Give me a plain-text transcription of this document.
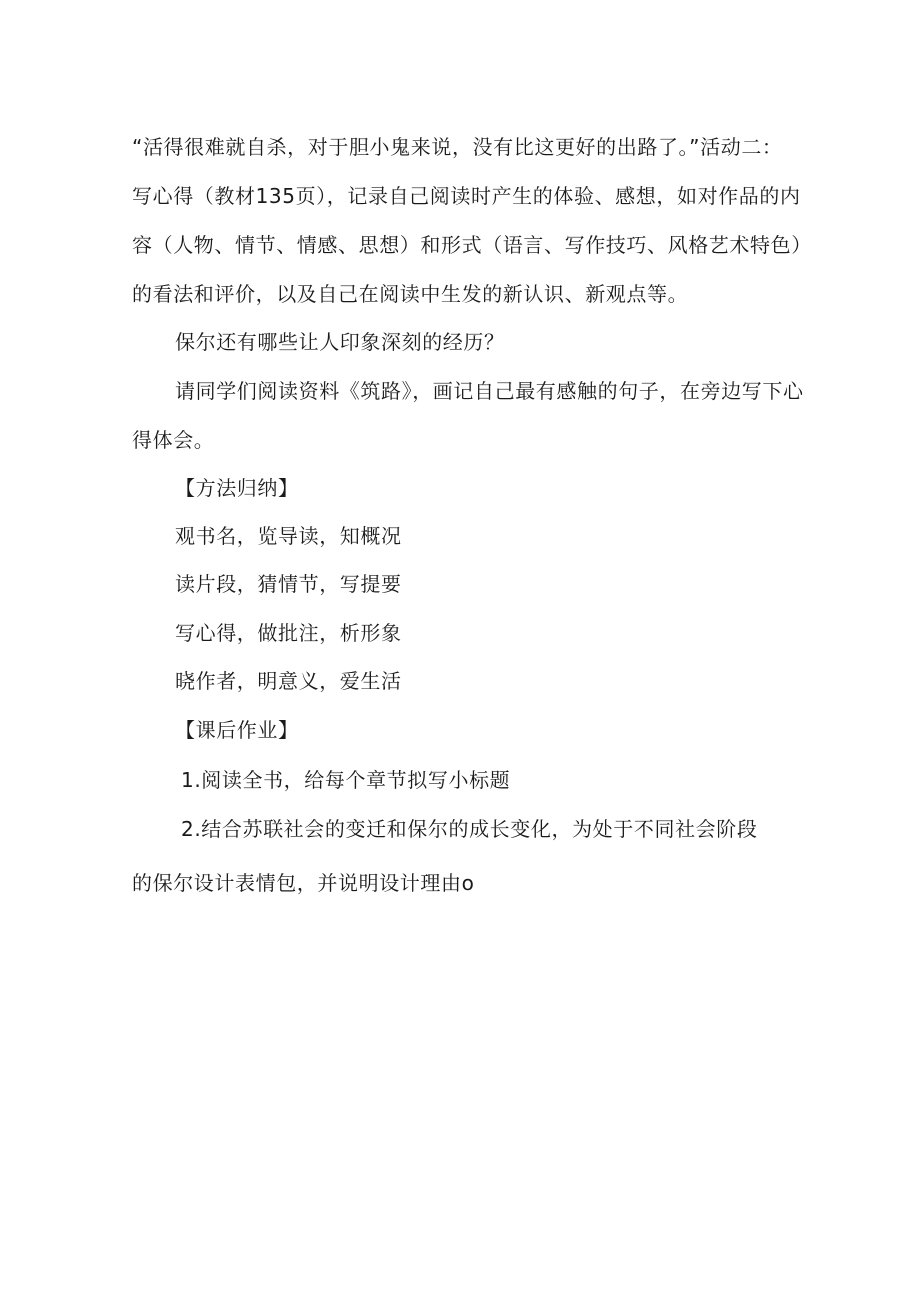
“活得很难就自杀，对于胆小鬼来说，没有比这更好的出路了。”活动二：
写心得（教材135页），记录自己阅读时产生的体验、感想，如对作品的内
容（人物、情节、情感、思想）和形式（语言、写作技巧、风格艺术特色）
的看法和评价，以及自己在阅读中生发的新认识、新观点等。
保尔还有哪些让人印象深刻的经历？
请同学们阅读资料《筑路》，画记自己最有感触的句子，在旁边写下心
得体会。
【方法归纳】
观书名，览导读，知概况
读片段，猜情节，写提要
写心得，做批注，析形象
晓作者，明意义，爱生活
【课后作业】
1.阅读全书，给每个章节拟写小标题
2.结合苏联社会的变迁和保尔的成长变化，为处于不同社会阶段
的保尔设计表情包，并说明设计理由o
